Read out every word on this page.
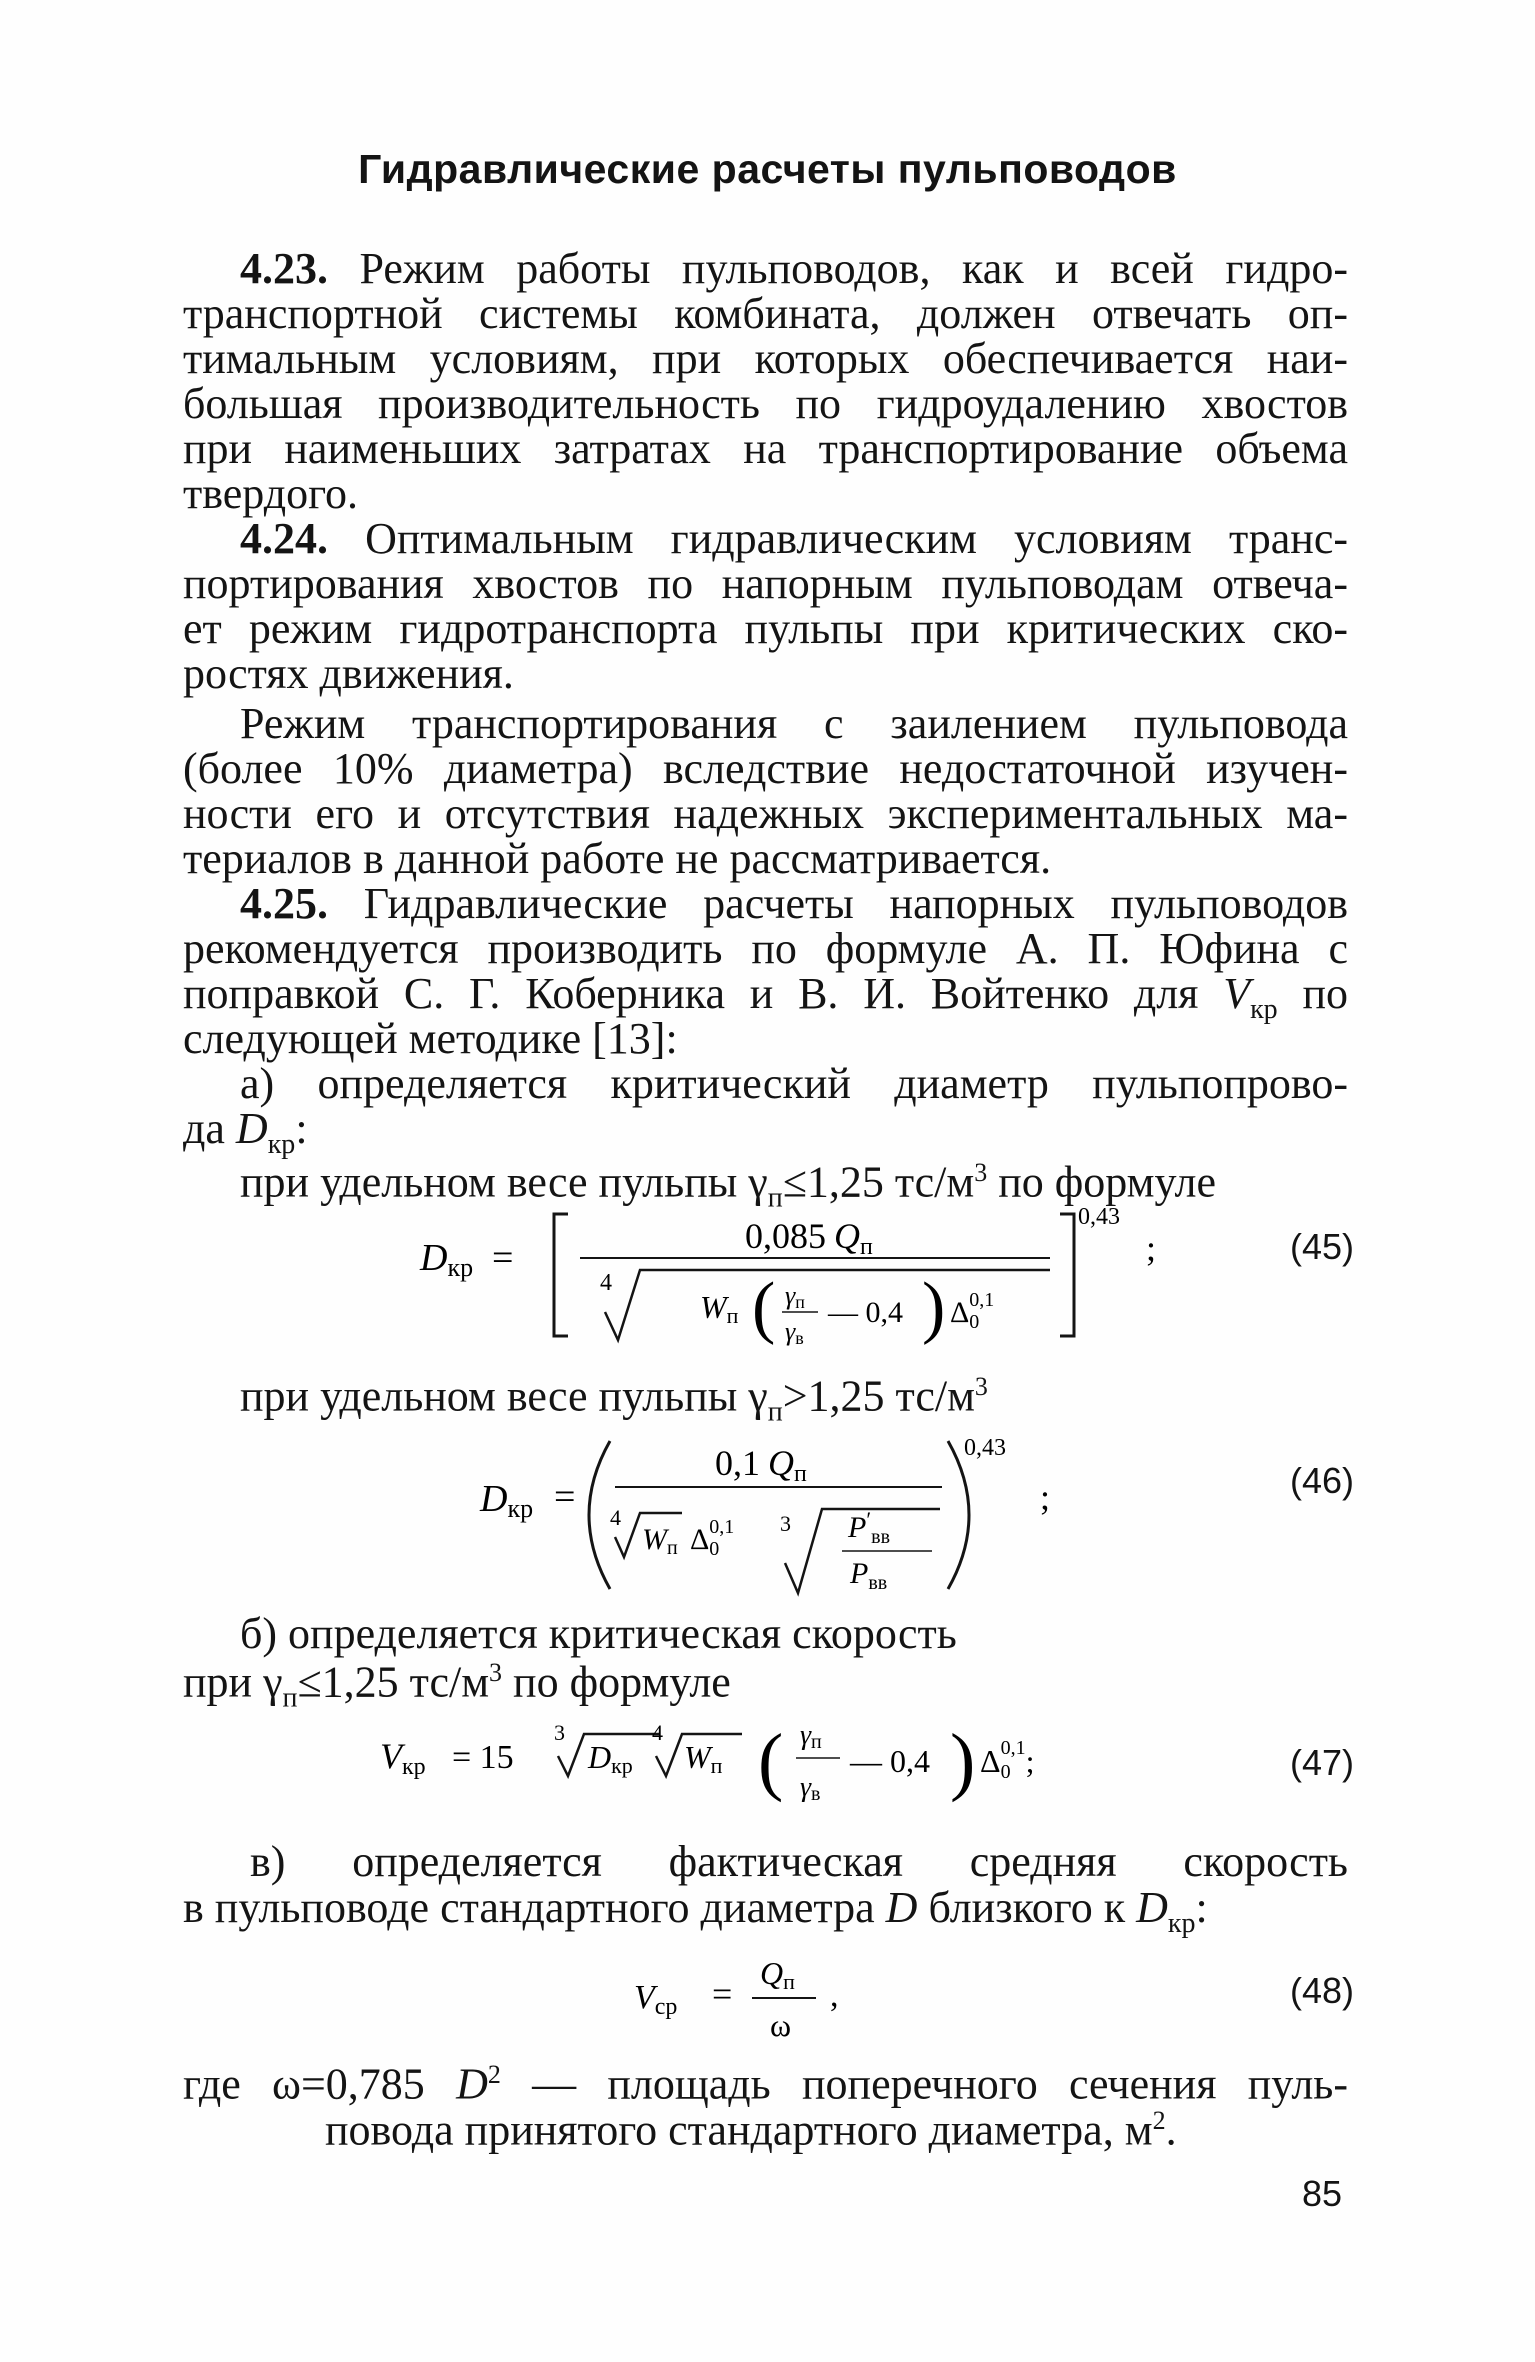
Гидравлические расчеты пульповодов
4.23. Режим работы пульповодов, как и всей гидро-
транспортной системы комбината, должен отвечать оп-
тимальным условиям, при которых обеспечивается наи-
большая производительность по гидроудалению хвостов
при наименьших затратах на транспортирование объема
твердого.
4.24. Оптимальным гидравлическим условиям транс-
портирования хвостов по напорным пульповодам отвеча-
ет режим гидротранспорта пульпы при критических ско-
ростях движения.
Режим транспортирования с заилением пульповода
(более 10% диаметра) вследствие недостаточной изучен-
ности его и отсутствия надежных экспериментальных ма-
териалов в данной работе не рассматривается.
4.25. Гидравлические расчеты напорных пульповодов
рекомендуется производить по формуле А. П. Юфина с
поправкой С. Г. Коберника и В. И. Войтенко для $V_{кр}$ по
следующей методике [13]:
а) определяется критический диаметр пульпопрово-
да $D_{кр}$:
при удельном весе пульпы $\gamma_п\le 1,25$ $тс/м^3$ по формуле
Dкр =
0,085 Qп
4
Wп ( γп
γв
— 0,4 ) $\Delta_00,1$
0,43
;	(45)
при удельном весе пульпы $\gamma_п>1,25$ $тс/м^3$
Dкр =
0,1 Qп
4
Wп $\Delta_00,1$ 3 $P'_{вв}$
$P_{вв}$
0,43
;	(46)
б) определяется критическая скорость
при $\gamma_п\le 1,25$ $тс/м^3$ по формуле
Vкр = 15
3
Dкр
4
Wп ( γп
γв
— 0,4 ) Δ00,1;	(47)
в) определяется фактическая средняя скорость
в пульповоде стандартного диаметра D близкого к $D_{кр}$:
Vср =
Qп
ω
,	(48)
где ω=0,785 $D^2$ — площадь поперечного сечения пуль-
повода принятого стандартного диаметра, $м^2$.
85
